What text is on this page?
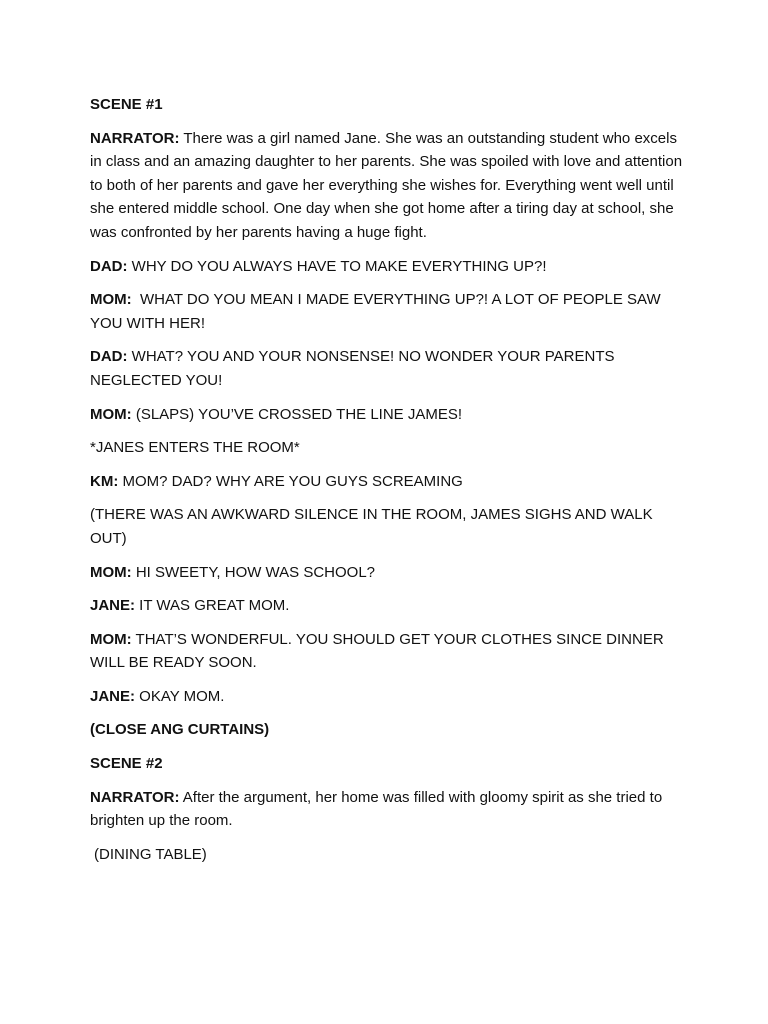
SCENE #1

NARRATOR: There was a girl named Jane. She was an outstanding student who excels in class and an amazing daughter to her parents. She was spoiled with love and attention to both of her parents and gave her everything she wishes for. Everything went well until she entered middle school. One day when she got home after a tiring day at school, she was confronted by her parents having a huge fight.

DAD: WHY DO YOU ALWAYS HAVE TO MAKE EVERYTHING UP?!

MOM:  WHAT DO YOU MEAN I MADE EVERYTHING UP?! A LOT OF PEOPLE SAW YOU WITH HER!

DAD: WHAT? YOU AND YOUR NONSENSE! NO WONDER YOUR PARENTS NEGLECTED YOU!

MOM: (SLAPS) YOU’VE CROSSED THE LINE JAMES!

*JANES ENTERS THE ROOM*

KM: MOM? DAD? WHY ARE YOU GUYS SCREAMING

(THERE WAS AN AWKWARD SILENCE IN THE ROOM, JAMES SIGHS AND WALK OUT)

MOM: HI SWEETY, HOW WAS SCHOOL?

JANE: IT WAS GREAT MOM.

MOM: THAT’S WONDERFUL. YOU SHOULD GET YOUR CLOTHES SINCE DINNER WILL BE READY SOON.

JANE: OKAY MOM.

(CLOSE ANG CURTAINS)
SCENE #2

NARRATOR: After the argument, her home was filled with gloomy spirit as she tried to brighten up the room.

(DINING TABLE)
